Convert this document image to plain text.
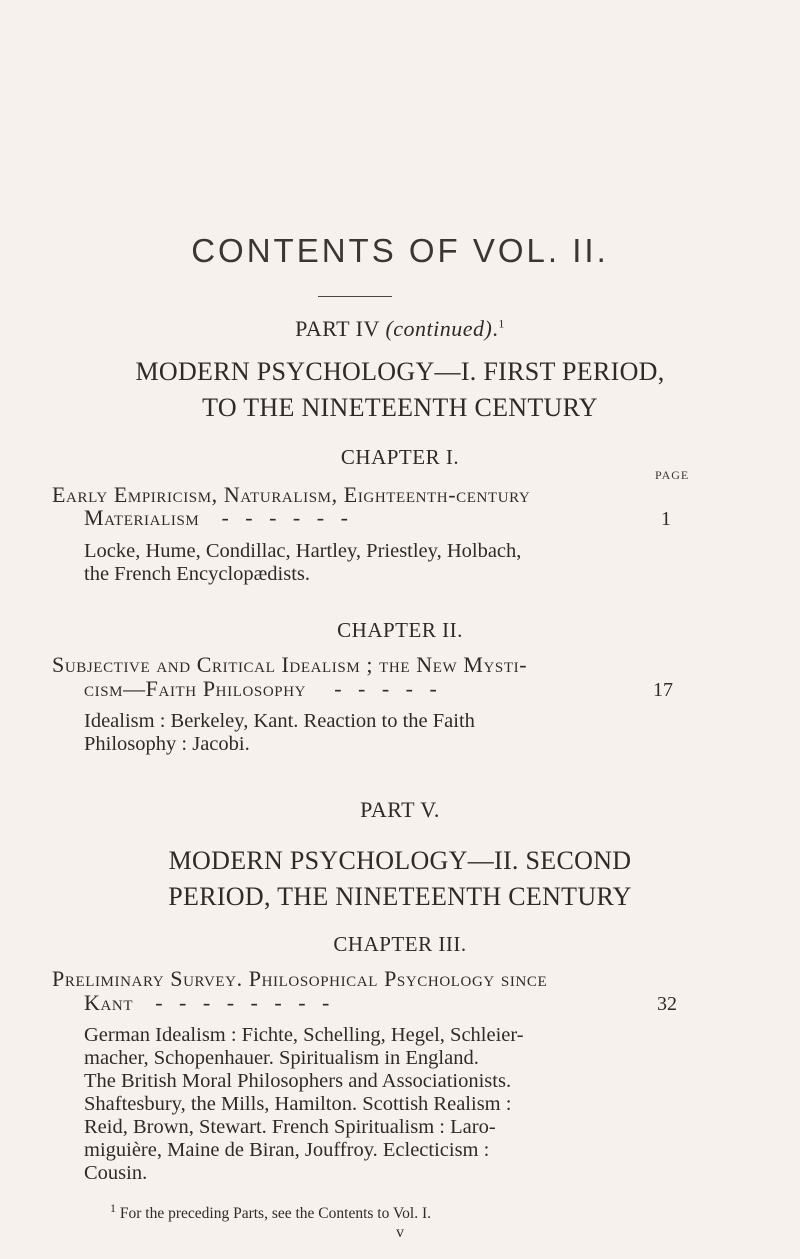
CONTENTS OF VOL. II.
PART IV (continued).$^1$
MODERN PSYCHOLOGY—I. FIRST PERIOD,
TO THE NINETEENTH CENTURY
CHAPTER I.
PAGE
Early Empiricism, Naturalism, Eighteenth-century
Materialism -   -   -   -   -   -	1
Locke, Hume, Condillac, Hartley, Priestley, Holbach,
the French Encyclopædists.
CHAPTER II.
Subjective and Critical Idealism ; the New Mysti-
cism—Faith Philosophy -   -   -   -   -	17
Idealism : Berkeley, Kant. Reaction to the Faith
Philosophy : Jacobi.
PART V.
MODERN PSYCHOLOGY—II. SECOND
PERIOD, THE NINETEENTH CENTURY
CHAPTER III.
Preliminary Survey. Philosophical Psychology since
Kant -   -   -   -   -   -   -   -	32
German Idealism : Fichte, Schelling, Hegel, Schleier-
macher, Schopenhauer. Spiritualism in England.
The British Moral Philosophers and Associationists.
Shaftesbury, the Mills, Hamilton. Scottish Realism :
Reid, Brown, Stewart. French Spiritualism : Laro-
miguière, Maine de Biran, Jouffroy. Eclecticism :
Cousin.
$^1$ For the preceding Parts, see the Contents to Vol. I.
v
